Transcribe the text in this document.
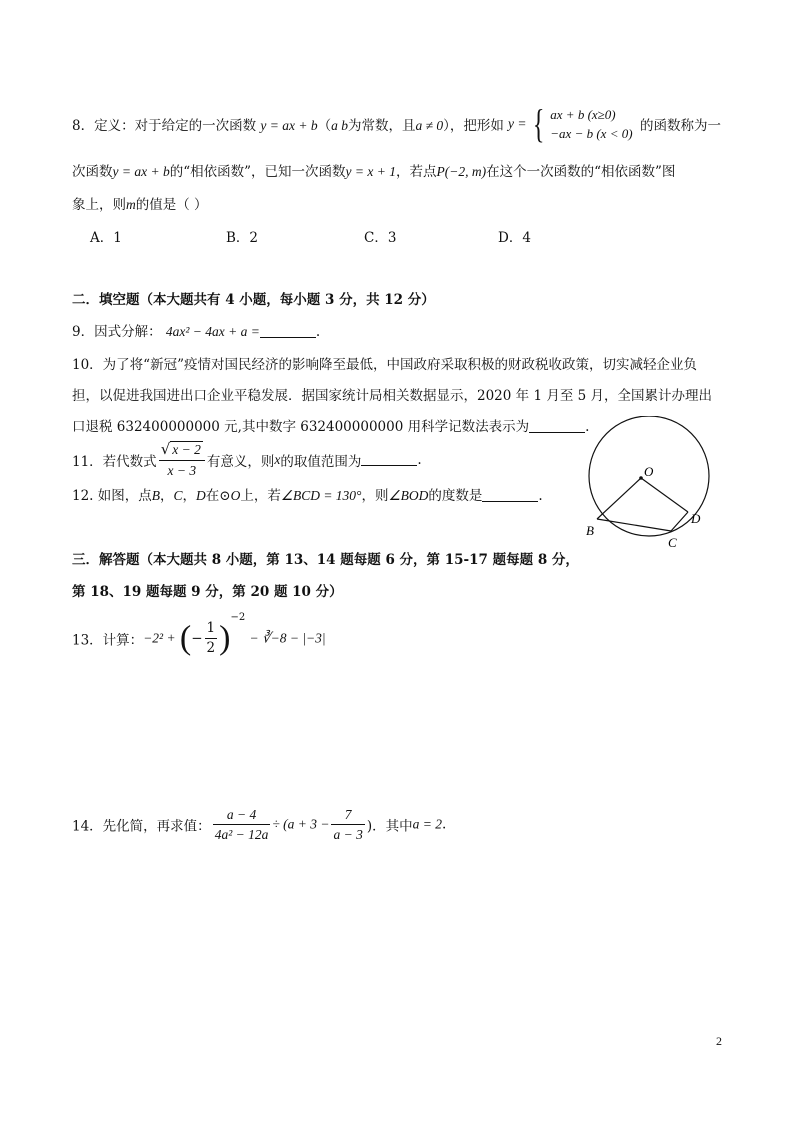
8．定义：对于给定的一次函数 y = ax + b（a b为常数，且a ≠ 0），把形如 y = { ax + b (x≥0)
−ax − b (x < 0) 的函数称为一
次函数y = ax + b的“相依函数”，已知一次函数y = x + 1，若点P(−2, m)在这个一次函数的“相依函数”图
象上，则m的值是（ ）
A．1	B．2	C．3	D．4
二．填空题（本大题共有 4 小题，每小题 3 分，共 12 分）
9．因式分解： 4ax² − 4ax + a =	.
10．为了将“新冠”疫情对国民经济的影响降至最低，中国政府采取积极的财政税收政策，切实减轻企业负
担，以促进我国进出口企业平稳发展．据国家统计局相关数据显示，2020 年 1 月至 5 月，全国累计办理出
口退税 632400000000 元,其中数字 632400000000 用科学记数法表示为	.
11．若代数式 $\frac{√ x - 2}{x - 3}$ 有意义，则x的取值范围为	.
12. 如图，点B，C，D在⊙O上，若∠BCD = 130°，则∠BOD的度数是	.
O
B
C
D
三．解答题（本大题共 8 小题，第 13、14 题每题 6 分，第 15-17 题每题 8 分，
第 18、19 题每题 9 分，第 20 题 10 分）
13．计算：−2² + (− $\frac{1}{2} )^{-2}$ − ∛−8 − |−3|
14．先化简，再求值： $\frac{a - 4}{\text{4a² − 12a}} \div (a + 3 - \frac{7}{a - 3}$ )．其中a = 2.
2
